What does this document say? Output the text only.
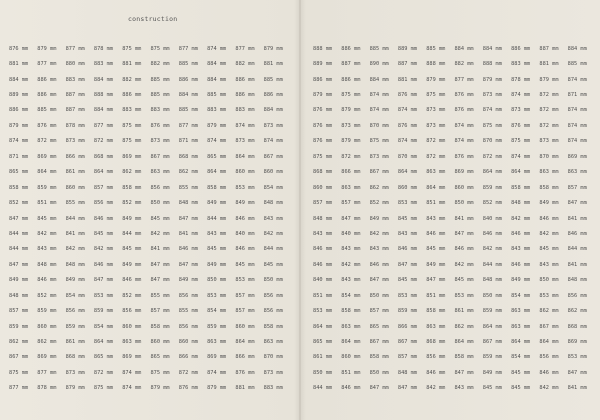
construction
876 mm	879 mm	877 mm	878 mm	875 mm	875 mm	877 mm	874 mm	877 mm	879 mm
881 mm	877 mm	880 mm	883 mm	881 mm	882 mm	885 mm	884 mm	882 mm	881 mm
884 mm	886 mm	883 mm	884 mm	882 mm	885 mm	886 mm	884 mm	886 mm	885 mm
889 mm	886 mm	887 mm	888 mm	886 mm	885 mm	884 mm	885 mm	886 mm	886 mm
886 mm	885 mm	887 mm	884 mm	883 mm	883 mm	885 mm	883 mm	883 mm	884 mm
879 mm	876 mm	878 mm	877 mm	875 mm	876 mm	877 mm	879 mm	874 mm	873 mm
874 mm	872 mm	873 mm	872 mm	875 mm	873 mm	871 mm	874 mm	873 mm	874 mm
871 mm	869 mm	866 mm	868 mm	869 mm	867 mm	868 mm	865 mm	864 mm	867 mm
865 mm	864 mm	861 mm	864 mm	862 mm	863 mm	862 mm	864 mm	860 mm	860 mm
858 mm	859 mm	860 mm	857 mm	858 mm	856 mm	855 mm	858 mm	853 mm	854 mm
852 mm	851 mm	855 mm	856 mm	852 mm	850 mm	848 mm	849 mm	849 mm	848 mm
847 mm	845 mm	844 mm	846 mm	849 mm	845 mm	847 mm	844 mm	846 mm	843 mm
844 mm	842 mm	841 mm	845 mm	844 mm	842 mm	841 mm	843 mm	840 mm	842 mm
844 mm	843 mm	842 mm	842 mm	845 mm	841 mm	846 mm	845 mm	846 mm	844 mm
847 mm	848 mm	848 mm	846 mm	849 mm	847 mm	847 mm	849 mm	845 mm	845 mm
849 mm	846 mm	849 mm	847 mm	846 mm	847 mm	849 mm	850 mm	853 mm	850 mm
848 mm	852 mm	854 mm	853 mm	852 mm	855 mm	856 mm	853 mm	857 mm	856 mm
857 mm	859 mm	856 mm	859 mm	856 mm	857 mm	855 mm	854 mm	857 mm	856 mm
859 mm	860 mm	859 mm	854 mm	860 mm	858 mm	856 mm	859 mm	860 mm	858 mm
862 mm	862 mm	861 mm	864 mm	863 mm	860 mm	860 mm	863 mm	864 mm	863 mm
867 mm	869 mm	868 mm	865 mm	869 mm	865 mm	866 mm	869 mm	866 mm	870 mm
875 mm	877 mm	873 mm	872 mm	874 mm	875 mm	872 mm	874 mm	876 mm	873 mm
877 mm	878 mm	879 mm	875 mm	874 mm	879 mm	876 mm	879 mm	881 mm	883 mm
888 mm	886 mm	885 mm	889 mm	885 mm	884 mm	884 mm	886 mm	887 mm	884 mm
889 mm	887 mm	890 mm	887 mm	888 mm	882 mm	888 mm	883 mm	881 mm	885 mm
886 mm	886 mm	884 mm	881 mm	879 mm	877 mm	879 mm	878 mm	879 mm	874 mm
879 mm	875 mm	874 mm	876 mm	875 mm	876 mm	873 mm	874 mm	872 mm	871 mm
876 mm	879 mm	874 mm	874 mm	873 mm	876 mm	874 mm	873 mm	872 mm	874 mm
876 mm	873 mm	870 mm	876 mm	873 mm	874 mm	875 mm	876 mm	872 mm	874 mm
876 mm	879 mm	875 mm	874 mm	872 mm	874 mm	870 mm	875 mm	873 mm	874 mm
875 mm	872 mm	873 mm	870 mm	872 mm	876 mm	872 mm	874 mm	870 mm	869 mm
868 mm	866 mm	867 mm	864 mm	863 mm	869 mm	864 mm	864 mm	863 mm	863 mm
860 mm	863 mm	862 mm	860 mm	864 mm	860 mm	859 mm	858 mm	858 mm	857 mm
857 mm	857 mm	852 mm	853 mm	851 mm	850 mm	852 mm	848 mm	849 mm	847 mm
848 mm	847 mm	849 mm	845 mm	843 mm	841 mm	840 mm	842 mm	846 mm	841 mm
843 mm	840 mm	842 mm	843 mm	846 mm	847 mm	846 mm	846 mm	842 mm	846 mm
846 mm	843 mm	843 mm	846 mm	845 mm	846 mm	842 mm	843 mm	845 mm	844 mm
846 mm	842 mm	846 mm	847 mm	849 mm	842 mm	844 mm	846 mm	843 mm	841 mm
840 mm	843 mm	847 mm	845 mm	847 mm	845 mm	848 mm	849 mm	850 mm	848 mm
851 mm	854 mm	850 mm	853 mm	851 mm	853 mm	850 mm	854 mm	853 mm	856 mm
853 mm	858 mm	857 mm	859 mm	858 mm	861 mm	859 mm	863 mm	862 mm	862 mm
864 mm	863 mm	865 mm	866 mm	863 mm	862 mm	864 mm	863 mm	867 mm	868 mm
865 mm	864 mm	867 mm	867 mm	868 mm	864 mm	867 mm	864 mm	864 mm	869 mm
861 mm	860 mm	858 mm	857 mm	856 mm	858 mm	859 mm	854 mm	856 mm	853 mm
850 mm	851 mm	850 mm	848 mm	846 mm	847 mm	849 mm	845 mm	846 mm	847 mm
844 mm	846 mm	847 mm	847 mm	842 mm	843 mm	845 mm	845 mm	842 mm	841 mm
